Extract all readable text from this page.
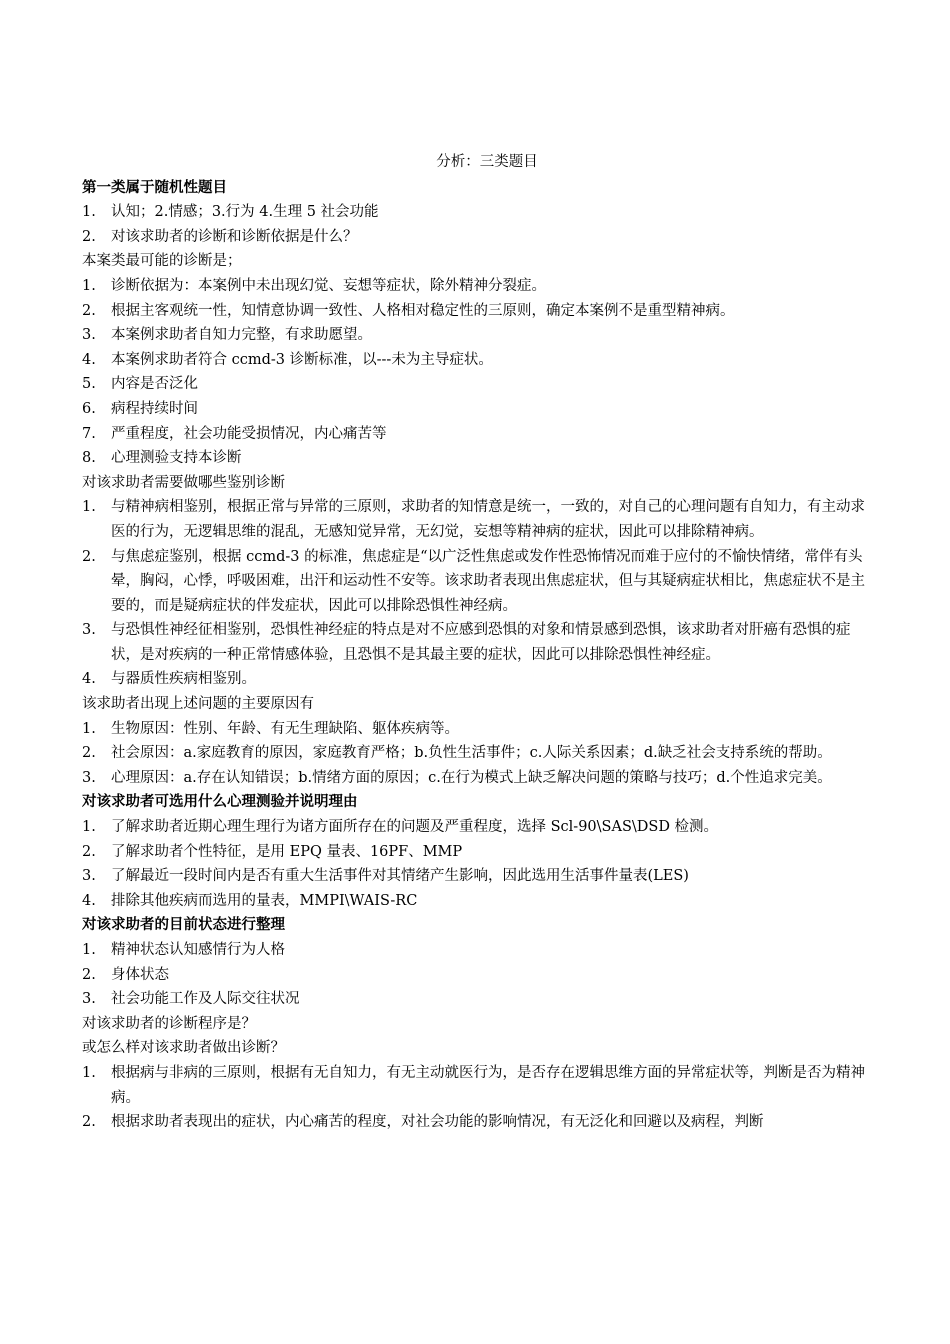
分析：三类题目
第一类属于随机性题目
1.	认知；2.情感；3.行为 4.生理 5 社会功能
2.	对该求助者的诊断和诊断依据是什么？
本案类最可能的诊断是；
1.	诊断依据为：本案例中未出现幻觉、妄想等症状，除外精神分裂症。
2.	根据主客观统一性，知情意协调一致性、人格相对稳定性的三原则，确定本案例不是重型精神病。
3.	本案例求助者自知力完整，有求助愿望。
4.	本案例求助者符合 ccmd-3 诊断标准，以---未为主导症状。
5.	内容是否泛化
6.	病程持续时间
7.	严重程度，社会功能受损情况，内心痛苦等
8.	心理测验支持本诊断
对该求助者需要做哪些鉴别诊断
1.	与精神病相鉴别，根据正常与异常的三原则，求助者的知情意是统一，一致的，对自己的心理问题有自知力，有主动求医的行为，无逻辑思维的混乱，无感知觉异常，无幻觉，妄想等精神病的症状，因此可以排除精神病。
2.	与焦虑症鉴别，根据 ccmd-3 的标准，焦虑症是“以广泛性焦虑或发作性恐怖情况而难于应付的不愉快情绪，常伴有头晕，胸闷，心悸，呼吸困难，出汗和运动性不安等。该求助者表现出焦虑症状，但与其疑病症状相比，焦虑症状不是主要的，而是疑病症状的伴发症状，因此可以排除恐惧性神经病。
3.	与恐惧性神经征相鉴别，恐惧性神经症的特点是对不应感到恐惧的对象和情景感到恐惧，该求助者对肝癌有恐惧的症状，是对疾病的一种正常情感体验，且恐惧不是其最主要的症状，因此可以排除恐惧性神经症。
4.	与器质性疾病相鉴别。
该求助者出现上述问题的主要原因有
1.	生物原因：性别、年龄、有无生理缺陷、躯体疾病等。
2.	社会原因：a.家庭教育的原因，家庭教育严格；b.负性生活事件；c.人际关系因素；d.缺乏社会支持系统的帮助。
3.	心理原因：a.存在认知错误；b.情绪方面的原因；c.在行为模式上缺乏解决问题的策略与技巧；d.个性追求完美。
对该求助者可选用什么心理测验并说明理由
1.	了解求助者近期心理生理行为诸方面所存在的问题及严重程度，选择 Scl-90\SAS\DSD 检测。
2.	了解求助者个性特征，是用 EPQ 量表、16PF、MMP
3.	了解最近一段时间内是否有重大生活事件对其情绪产生影响，因此选用生活事件量表(LES)
4.	排除其他疾病而选用的量表，MMPI\WAIS-RC
对该求助者的目前状态进行整理
1.	精神状态认知感情行为人格
2.	身体状态
3.	社会功能工作及人际交往状况
对该求助者的诊断程序是？
或怎么样对该求助者做出诊断？
1.	根据病与非病的三原则，根据有无自知力，有无主动就医行为，是否存在逻辑思维方面的异常症状等，判断是否为精神病。
2.	根据求助者表现出的症状，内心痛苦的程度，对社会功能的影响情况，有无泛化和回避以及病程，判断
